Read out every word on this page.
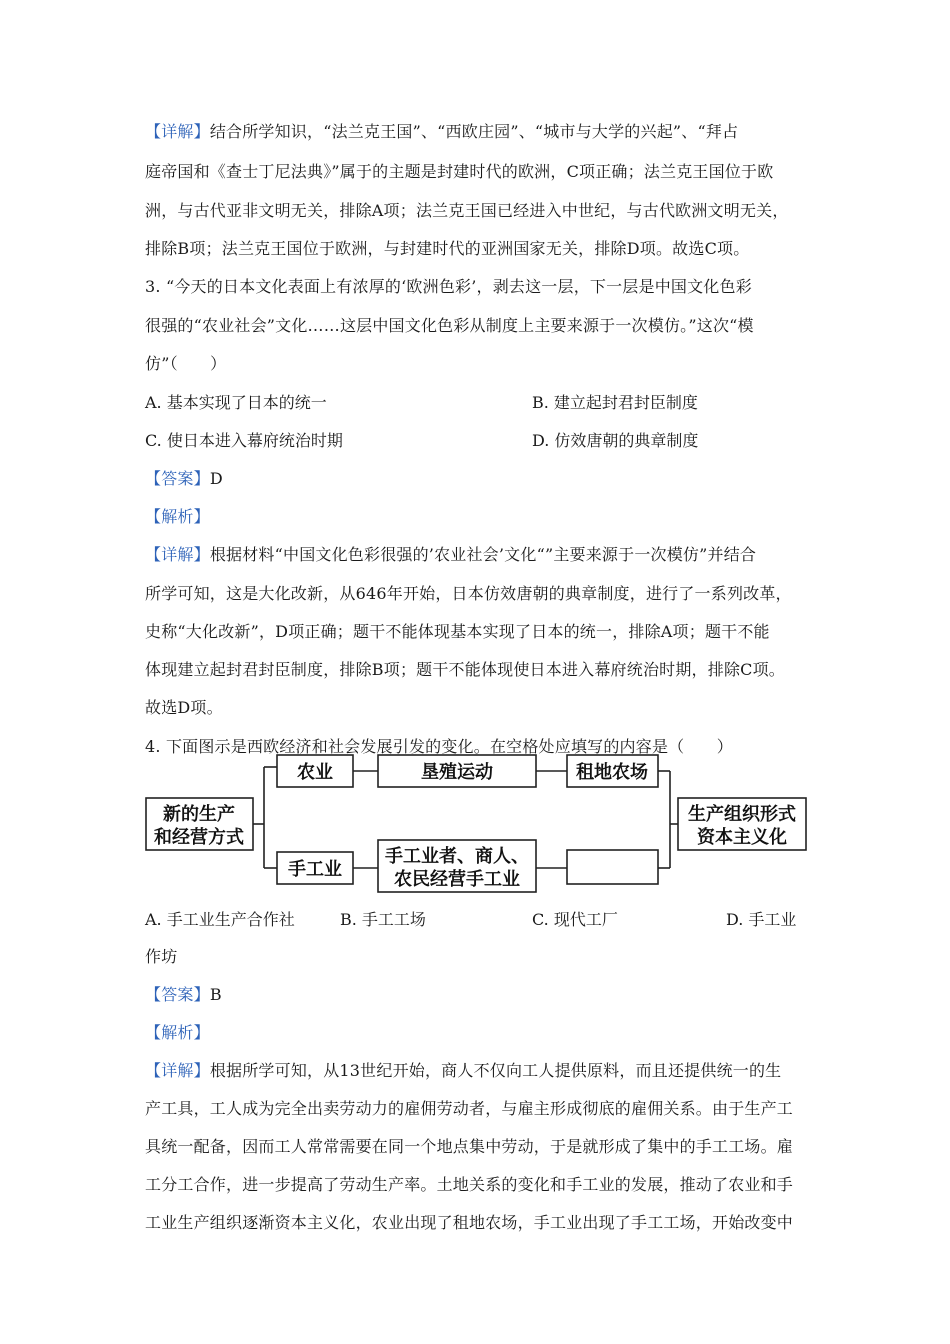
【详解】结合所学知识，“法兰克王国”、“西欧庄园”、“城市与大学的兴起”、“拜占
庭帝国和《查士丁尼法典》”属于的主题是封建时代的欧洲，C项正确；法兰克王国位于欧
洲，与古代亚非文明无关，排除A项；法兰克王国已经进入中世纪，与古代欧洲文明无关，
排除B项；法兰克王国位于欧洲，与封建时代的亚洲国家无关，排除D项。故选C项。
3. “今天的日本文化表面上有浓厚的‘欧洲色彩’，剥去这一层，下一层是中国文化色彩
很强的“农业社会”文化……这层中国文化色彩从制度上主要来源于一次模仿。”这次“模
仿”（　　）
A. 基本实现了日本的统一	B. 建立起封君封臣制度
C. 使日本进入幕府统治时期	D. 仿效唐朝的典章制度
【答案】D
【解析】
【详解】根据材料“中国文化色彩很强的’农业社会’文化“”主要来源于一次模仿”并结合
所学可知，这是大化改新，从646年开始，日本仿效唐朝的典章制度，进行了一系列改革，
史称“大化改新”，D项正确；题干不能体现基本实现了日本的统一，排除A项；题干不能
体现建立起封君封臣制度，排除B项；题干不能体现使日本进入幕府统治时期，排除C项。
故选D项。
4. 下面图示是西欧经济和社会发展引发的变化。在空格处应填写的内容是（　　）
新的生产
和经营方式
农业	垦殖运动	租地农场
手工业
手工业者、商人、
农民经营手工业
生产组织形式
资本主义化
A. 手工业生产合作社	B. 手工工场	C. 现代工厂	D. 手工业
作坊
【答案】B
【解析】
【详解】根据所学可知，从13世纪开始，商人不仅向工人提供原料，而且还提供统一的生
产工具，工人成为完全出卖劳动力的雇佣劳动者，与雇主形成彻底的雇佣关系。由于生产工
具统一配备，因而工人常常需要在同一个地点集中劳动，于是就形成了集中的手工工场。雇
工分工合作，进一步提高了劳动生产率。土地关系的变化和手工业的发展，推动了农业和手
工业生产组织逐渐资本主义化，农业出现了租地农场，手工业出现了手工工场，开始改变中
